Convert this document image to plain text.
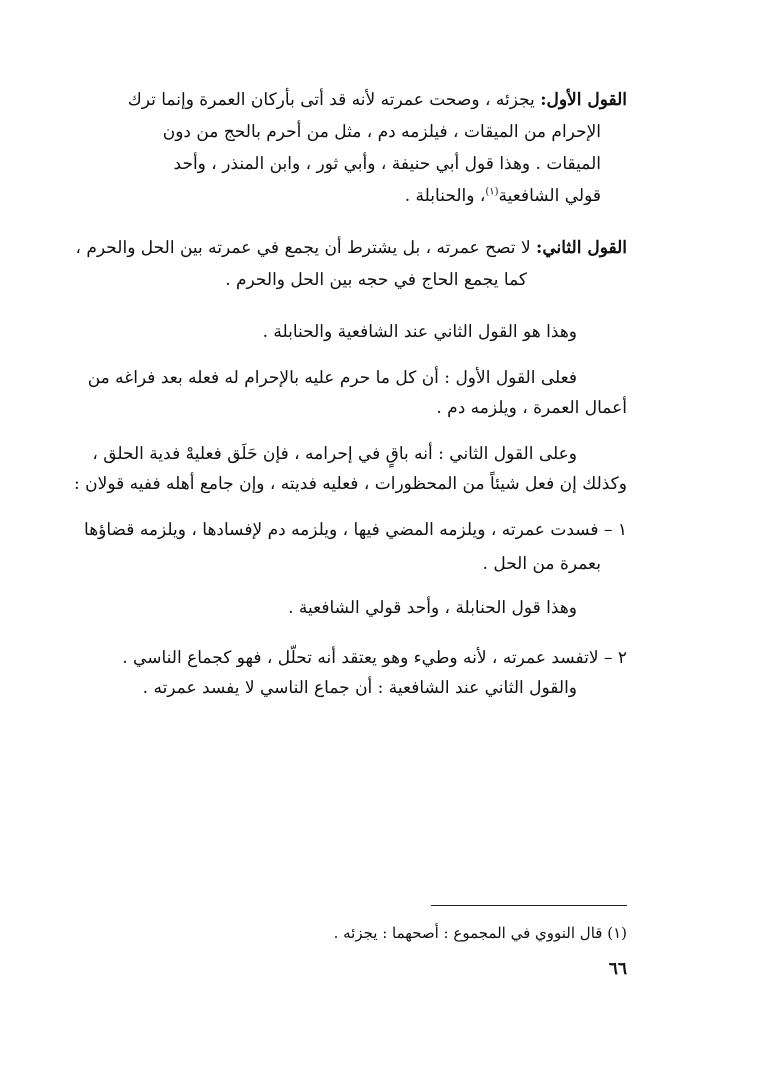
القول الأول: يجزئه ، وصحت عمرته لأنه قد أتى بأركان العمرة وإنما ترك
الإحرام من الميقات ، فيلزمه دم ، مثل من أحرم بالحج من دون
الميقات . وهذا قول أبي حنيفة ، وأبي ثور ، وابن المنذر ، وأحد
قولي الشافعية$^{(١)}$، والحنابلة .
القول الثاني: لا تصح عمرته ، بل يشترط أن يجمع في عمرته بين الحل والحرم ،
كما يجمع الحاج في حجه بين الحل والحرم .
وهذا هو القول الثاني عند الشافعية والحنابلة .
فعلى القول الأول : أن كل ما حرم عليه بالإحرام له فعله بعد فراغه من
أعمال العمرة ، ويلزمه دم .
وعلى القول الثاني : أنه باقٍ في إحرامه ، فإن حَلَق فعليهْ فدية الحلق ،
وكذلك إن فعل شيئاً من المحظورات ، فعليه فديته ، وإن جامع أهله ففيه قولان :
١ – فسدت عمرته ، ويلزمه المضي فيها ، ويلزمه دم لإفسادها ، ويلزمه قضاؤها
بعمرة من الحل .
وهذا قول الحنابلة ، وأحد قولي الشافعية .
٢ – لاتفسد عمرته ، لأنه وطيء وهو يعتقد أنه تحلّل ، فهو كجماع الناسي .
والقول الثاني عند الشافعية : أن جماع الناسي لا يفسد عمرته .
(١) قال النووي في المجموع : أصحهما : يجزئه .
٦٦
